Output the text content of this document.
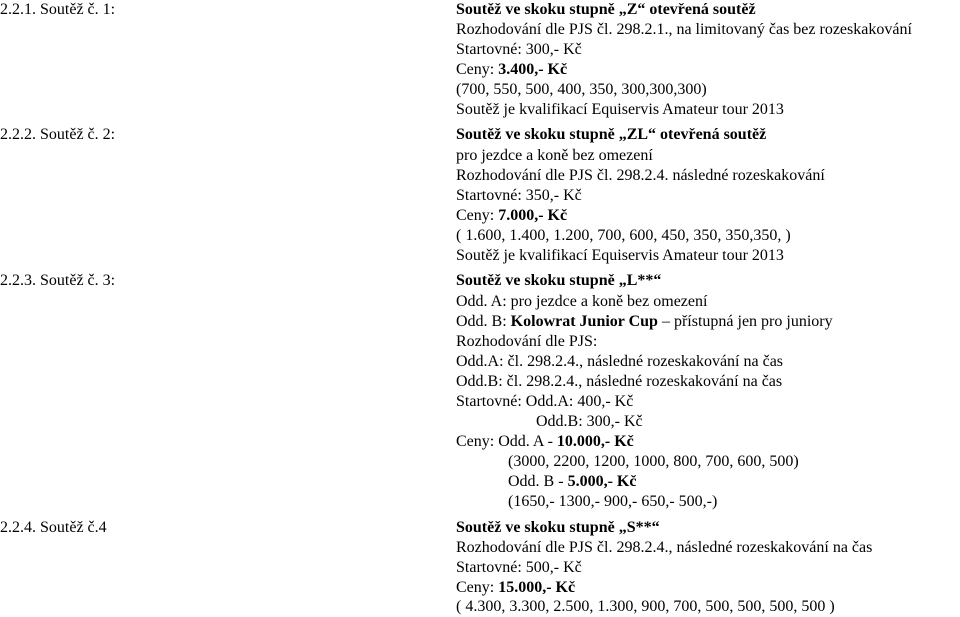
2.2.1. Soutěž č. 1:	Soutěž ve skoku stupně „Z“ otevřená soutěž
Rozhodování dle PJS čl. 298.2.1., na limitovaný čas bez rozeskakování
Startovné: 300,- Kč
Ceny: 3.400,- Kč
(700, 550, 500, 400, 350, 300,300,300)
Soutěž je kvalifikací Equiservis Amateur tour 2013
2.2.2. Soutěž č. 2:	Soutěž ve skoku stupně „ZL“ otevřená soutěž
pro jezdce a koně bez omezení
Rozhodování dle PJS čl. 298.2.4. následné rozeskakování
Startovné: 350,- Kč
Ceny: 7.000,- Kč
( 1.600, 1.400, 1.200, 700, 600, 450, 350, 350,350, )
Soutěž je kvalifikací Equiservis Amateur tour 2013
2.2.3. Soutěž č. 3:	Soutěž ve skoku stupně „L**“
Odd. A: pro jezdce a koně bez omezení
Odd. B: Kolowrat Junior Cup – přístupná jen pro juniory
Rozhodování dle PJS:
Odd.A: čl. 298.2.4., následné rozeskakování na čas
Odd.B: čl. 298.2.4., následné rozeskakování na čas
Startovné: Odd.A: 400,- Kč
Odd.B: 300,- Kč
Ceny: Odd. A - 10.000,- Kč
(3000, 2200, 1200, 1000, 800, 700, 600, 500)
Odd. B - 5.000,- Kč
(1650,- 1300,- 900,- 650,- 500,-)
2.2.4. Soutěž č.4	Soutěž ve skoku stupně „S**“
Rozhodování dle PJS čl. 298.2.4., následné rozeskakování na čas
Startovné: 500,- Kč
Ceny: 15.000,- Kč
( 4.300, 3.300, 2.500, 1.300, 900, 700, 500, 500, 500, 500 )
